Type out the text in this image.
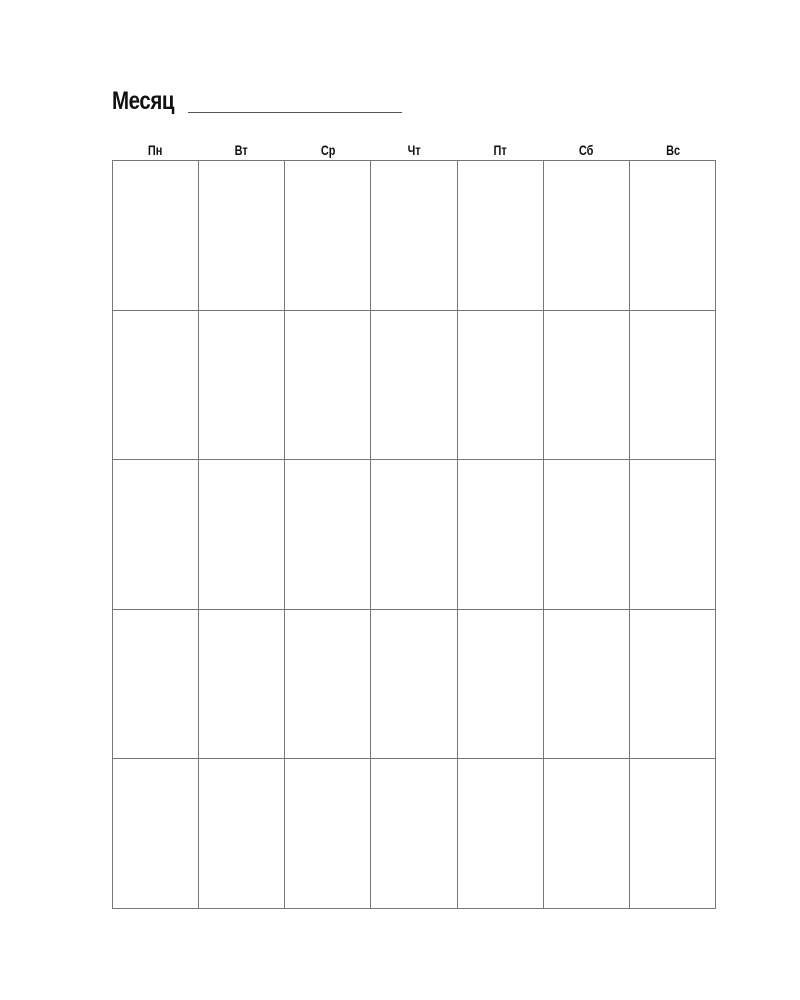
Месяц
Пн	Вт	Ср	Чт	Пт	Сб	Вс
